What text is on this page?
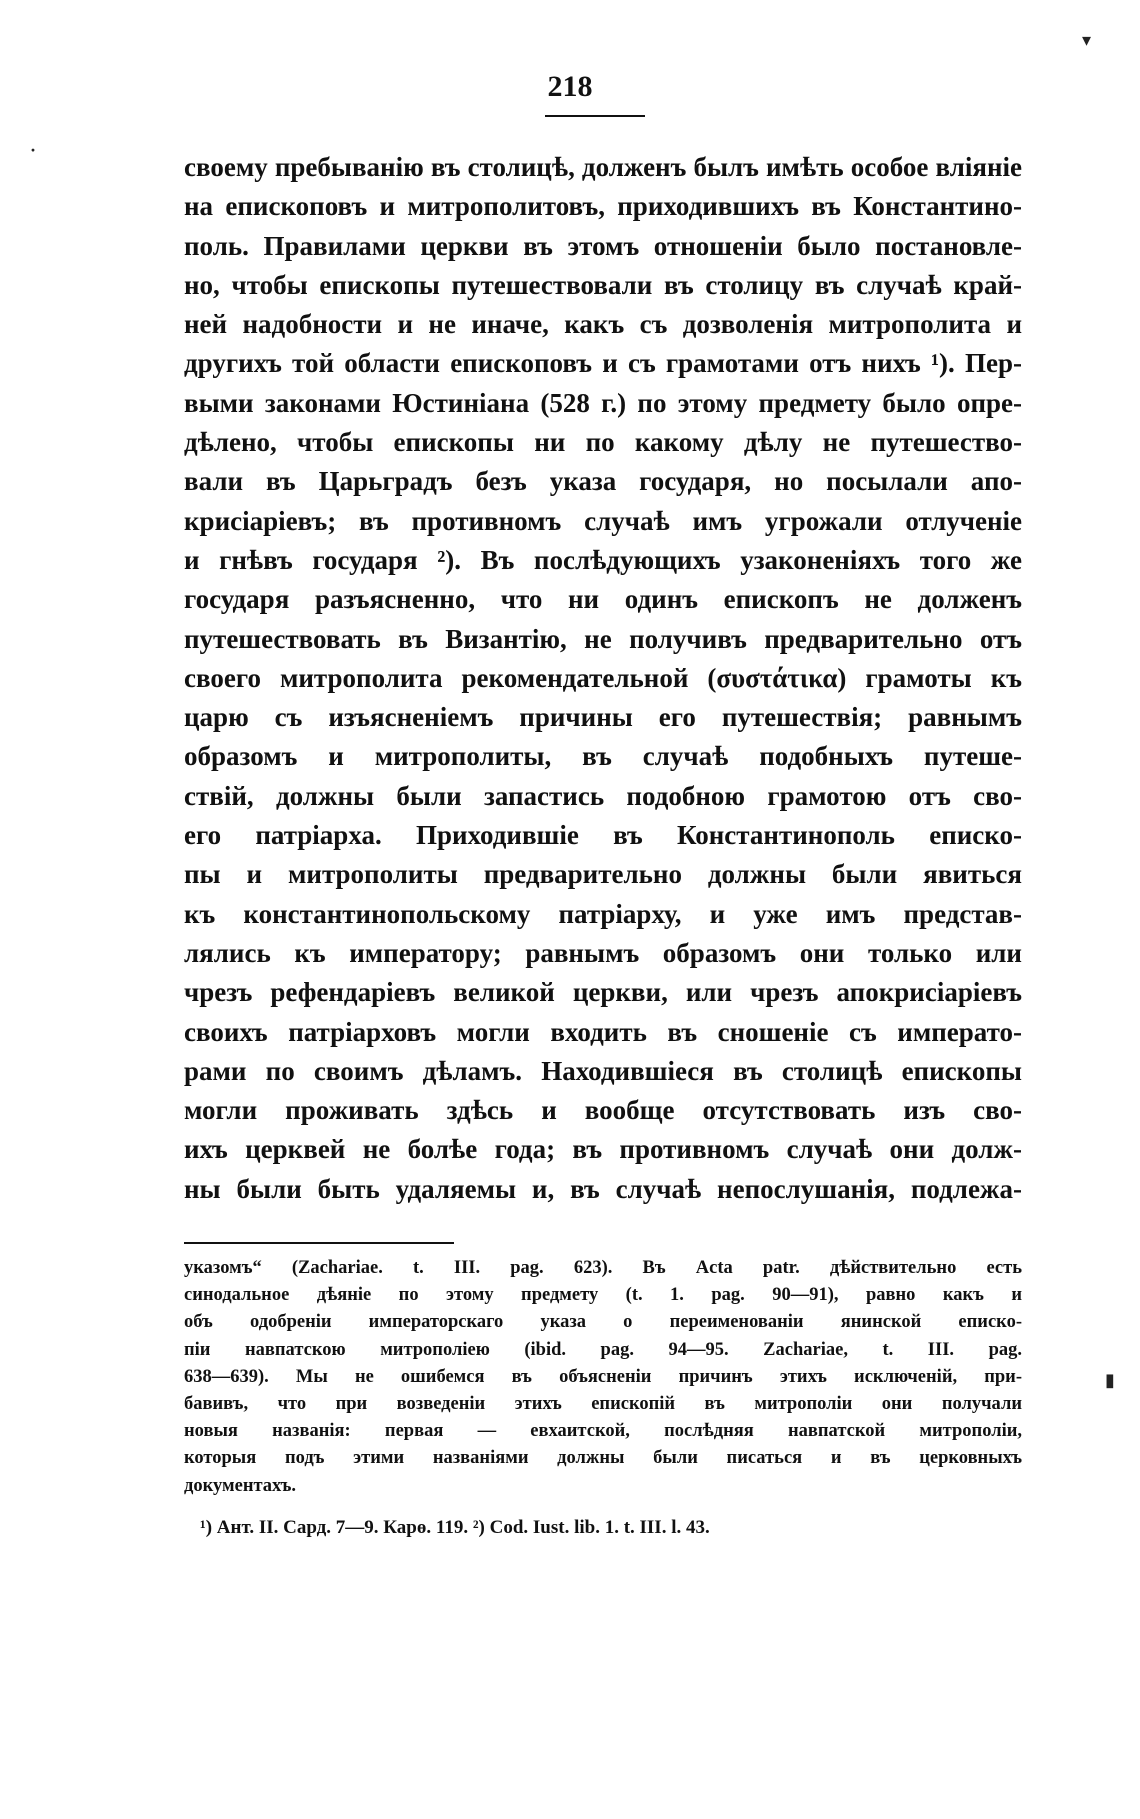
218
своему пребыванію въ столицѣ, долженъ былъ имѣть особое вліяніе
на епископовъ и митрополитовъ, приходившихъ въ Константино-
поль. Правилами церкви въ этомъ отношеніи было постановле-
но, чтобы епископы путешествовали въ столицу въ случаѣ край-
ней надобности и не иначе, какъ съ дозволенія митрополита и
другихъ той области епископовъ и съ грамотами отъ нихъ ¹). Пер-
выми законами Юстиніана (528 г.) по этому предмету было опре-
дѣлено, чтобы епископы ни по какому дѣлу не путешество-
вали въ Царьградъ безъ указа государя, но посылали апо-
крисіаріевъ; въ противномъ случаѣ имъ угрожали отлученіе
и гнѣвъ государя ²). Въ послѣдующихъ узаконеніяхъ того же
государя разъясненно, что ни одинъ епископъ не долженъ
путешествовать въ Византію, не получивъ предварительно отъ
своего митрополита рекомендательной (συστάτικα) грамоты къ
царю съ изъясненіемъ причины его путешествія; равнымъ
образомъ и митрополиты, въ случаѣ подобныхъ путеше-
ствій, должны были запастись подобною грамотою отъ сво-
его патріарха. Приходившіе въ Константинополь еписко-
пы и митрополиты предварительно должны были явиться
къ константинопольскому патріарху, и уже имъ представ-
лялись къ императору; равнымъ образомъ они только или
чрезъ рефендаріевъ великой церкви, или чрезъ апокрисіаріевъ
своихъ патріарховъ могли входить въ сношеніе съ императо-
рами по своимъ дѣламъ. Находившіеся въ столицѣ епископы
могли проживать здѣсь и вообще отсутствовать изъ сво-
ихъ церквей не болѣе года; въ противномъ случаѣ они долж-
ны были быть удаляемы и, въ случаѣ непослушанія, подлежа-
указомъ“ (Zachariae. t. III. pag. 623). Въ Acta patr. дѣйствительно есть
синодальное дѣяніе по этому предмету (t. 1. pag. 90—91), равно какъ и
объ одобреніи императорскаго указа о переименованіи янинской еписко-
піи навпатскою митрополіею (ibid. pag. 94—95. Zachariae, t. III. pag.
638—639). Мы не ошибемся въ объясненіи причинъ этихъ исключеній, при-
бавивъ, что при возведеніи этихъ епископій въ митрополіи они получали
новыя названія: первая — евхаитской, послѣдняя навпатской митрополіи,
которыя подъ этими названіями должны были писаться и въ церковныхъ
документахъ.
¹) Ант. II. Сард. 7—9. Карө. 119. ²) Cod. Iust. lib. 1. t. III. l. 43.
▾
·
▮
